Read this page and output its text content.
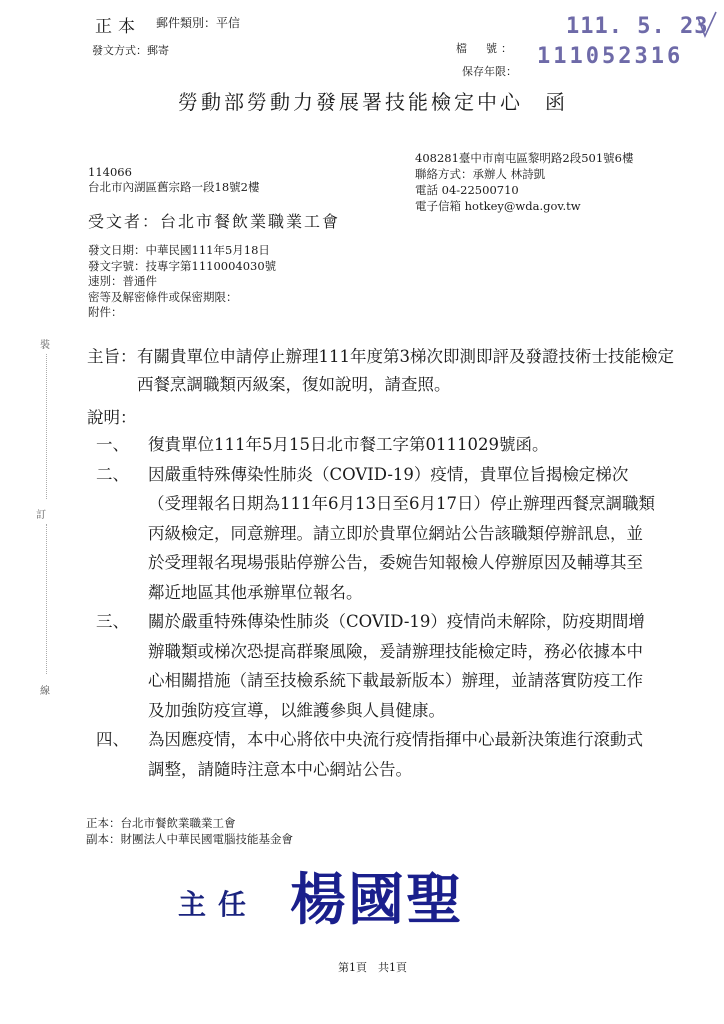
正本 郵件類別：平信
發文方式：郵寄	檔　號：
保存年限：
111. 5. 23
111052316
勞動部勞動力發展署技能檢定中心 函
408281臺中市南屯區黎明路2段501號6樓
聯絡方式：承辦人 林詩凱
電話 04-22500710
電子信箱 hotkey@wda.gov.tw
114066
台北市內湖區舊宗路一段18號2樓
受文者：台北市餐飲業職業工會
發文日期：中華民國111年5月18日
發文字號：技專字第1110004030號
速別：普通件
密等及解密條件或保密期限：
附件：
裝
訂
線
主旨： 有關貴單位申請停止辦理111年度第3梯次即測即評及發證技術士技能檢定西餐烹調職類丙級案，復如說明，請查照。
說明：
一、 復貴單位111年5月15日北市餐工字第0111029號函。
二、 因嚴重特殊傳染性肺炎（COVID-19）疫情，貴單位旨揭檢定梯次（受理報名日期為111年6月13日至6月17日）停止辦理西餐烹調職類丙級檢定，同意辦理。請立即於貴單位網站公告該職類停辦訊息，並於受理報名現場張貼停辦公告，委婉告知報檢人停辦原因及輔導其至鄰近地區其他承辦單位報名。
三、 關於嚴重特殊傳染性肺炎（COVID-19）疫情尚未解除，防疫期間增辦職類或梯次恐提高群聚風險，爰請辦理技能檢定時，務必依據本中心相關措施（請至技檢系統下載最新版本）辦理，並請落實防疫工作及加強防疫宣導，以維護參與人員健康。
四、 為因應疫情，本中心將依中央流行疫情指揮中心最新決策進行滾動式調整，請隨時注意本中心網站公告。
正本：台北市餐飲業職業工會
副本：財團法人中華民國電腦技能基金會
主任 楊國聖
第1頁　共1頁
